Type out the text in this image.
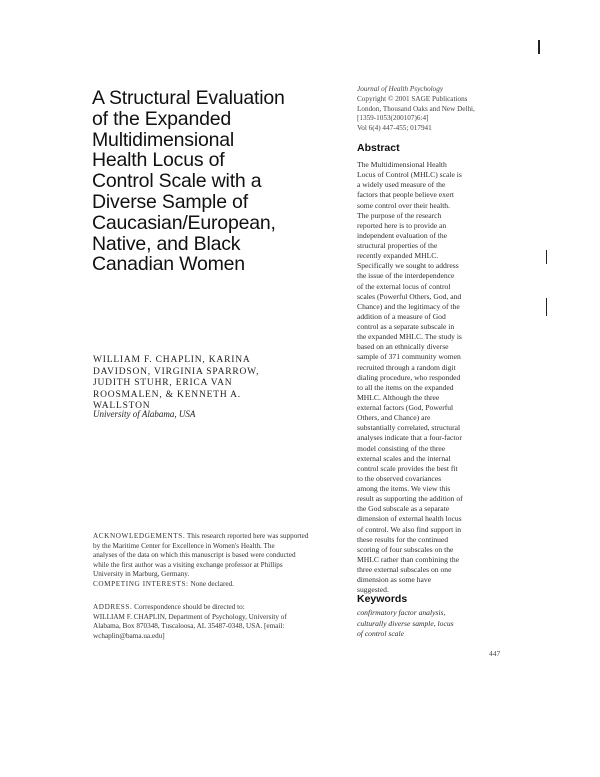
A Structural Evaluation
of the Expanded
Multidimensional
Health Locus of
Control Scale with a
Diverse Sample of
Caucasian/European,
Native, and Black
Canadian Women
WILLIAM F. CHAPLIN, KARINA
DAVIDSON, VIRGINIA SPARROW,
JUDITH STUHR, ERICA VAN
ROOSMALEN, & KENNETH A.
WALLSTON
University of Alabama, USA
ACKNOWLEDGEMENTS. This research reported here was supported
by the Maritime Center for Excellence in Women's Health. The
analyses of the data on which this manuscript is based were conducted
while the first author was a visiting exchange professor at Phillips
University in Marburg, Germany.
COMPETING INTERESTS: None declared.
ADDRESS. Correspondence should be directed to:
WILLIAM F. CHAPLIN, Department of Psychology, University of
Alabama, Box 870348, Tuscaloosa, AL 35487-0348, USA. [email:
wchaplin@bama.ua.edu]
Journal of Health Psychology
Copyright © 2001 SAGE Publications
London, Thousand Oaks and New Delhi,
[1359-1053(200107)6:4]
Vol 6(4) 447-455; 017941
Abstract
The Multidimensional Health
Locus of Control (MHLC) scale is
a widely used measure of the
factors that people believe exert
some control over their health.
The purpose of the research
reported here is to provide an
independent evaluation of the
structural properties of the
recently expanded MHLC.
Specifically we sought to address
the issue of the interdependence
of the external locus of control
scales (Powerful Others, God, and
Chance) and the legitimacy of the
addition of a measure of God
control as a separate subscale in
the expanded MHLC. The study is
based on an ethnically diverse
sample of 371 community women
recruited through a random digit
dialing procedure, who responded
to all the items on the expanded
MHLC. Although the three
external factors (God, Powerful
Others, and Chance) are
substantially correlated, structural
analyses indicate that a four-factor
model consisting of the three
external scales and the internal
control scale provides the best fit
to the observed covariances
among the items. We view this
result as supporting the addition of
the God subscale as a separate
dimension of external health locus
of control. We also find support in
these results for the continued
scoring of four subscales on the
MHLC rather than combining the
three external subscales on one
dimension as some have
suggested.
Keywords
confirmatory factor analysis,
culturally diverse sample, locus
of control scale
447
